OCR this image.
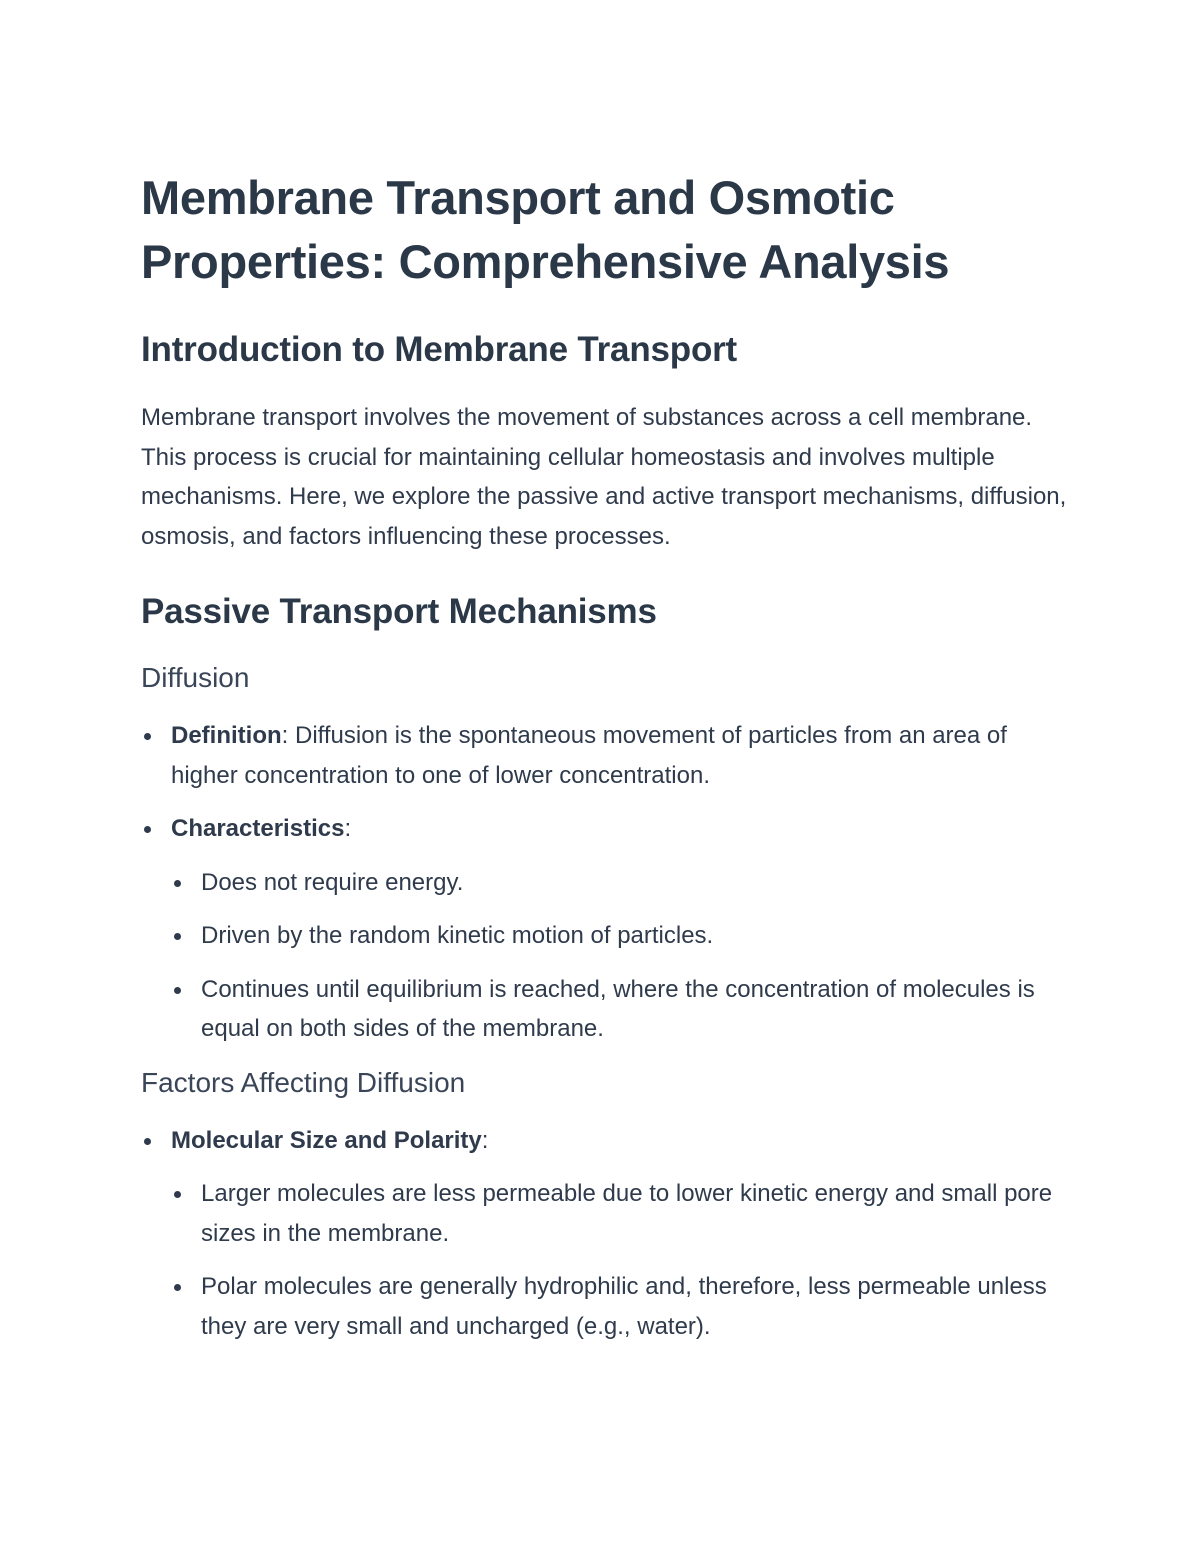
Membrane Transport and Osmotic Properties: Comprehensive Analysis
Introduction to Membrane Transport

Membrane transport involves the movement of substances across a cell membrane. This process is crucial for maintaining cellular homeostasis and involves multiple mechanisms. Here, we explore the passive and active transport mechanisms, diffusion, osmosis, and factors influencing these processes.

Passive Transport Mechanisms
Diffusion
Definition: Diffusion is the spontaneous movement of particles from an area of higher concentration to one of lower concentration.
Characteristics:
Does not require energy.
Driven by the random kinetic motion of particles.
Continues until equilibrium is reached, where the concentration of molecules is equal on both sides of the membrane.
Factors Affecting Diffusion
Molecular Size and Polarity:
Larger molecules are less permeable due to lower kinetic energy and small pore sizes in the membrane.
Polar molecules are generally hydrophilic and, therefore, less permeable unless they are very small and uncharged (e.g., water).
